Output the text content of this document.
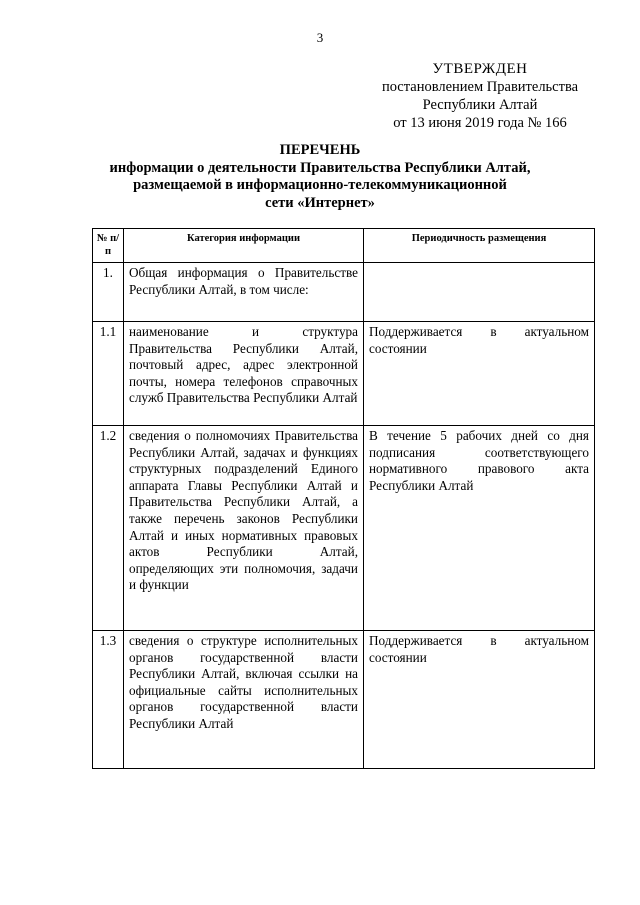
3
УТВЕРЖДЕН
постановлением Правительства
Республики Алтай
от 13 июня 2019 года № 166
ПЕРЕЧЕНЬ
информации о деятельности Правительства Республики Алтай,
размещаемой в информационно-телекоммуникационной
сети «Интернет»
№ п/п	Категория информации	Периодичность размещения
1.	Общая информация о Правительстве Республики Алтай, в том числе:	
1.1	наименование и структура Правительства Республики Алтай, почтовый адрес, адрес электронной почты, номера телефонов справочных служб Правительства Республики Алтай	Поддерживается в актуальном состоянии
1.2	сведения о полномочиях Правительства Республики Алтай, задачах и функциях структурных подразделений Единого аппарата Главы Республики Алтай и Правительства Республики Алтай, а также перечень законов Республики Алтай и иных нормативных правовых актов Республики Алтай, определяющих эти полномочия, задачи и функции	В течение 5 рабочих дней со дня подписания соответствующего нормативного правового акта Республики Алтай
1.3	сведения о структуре исполнительных органов государственной власти Республики Алтай, включая ссылки на официальные сайты исполнительных органов государственной власти Республики Алтай	Поддерживается в актуальном состоянии
